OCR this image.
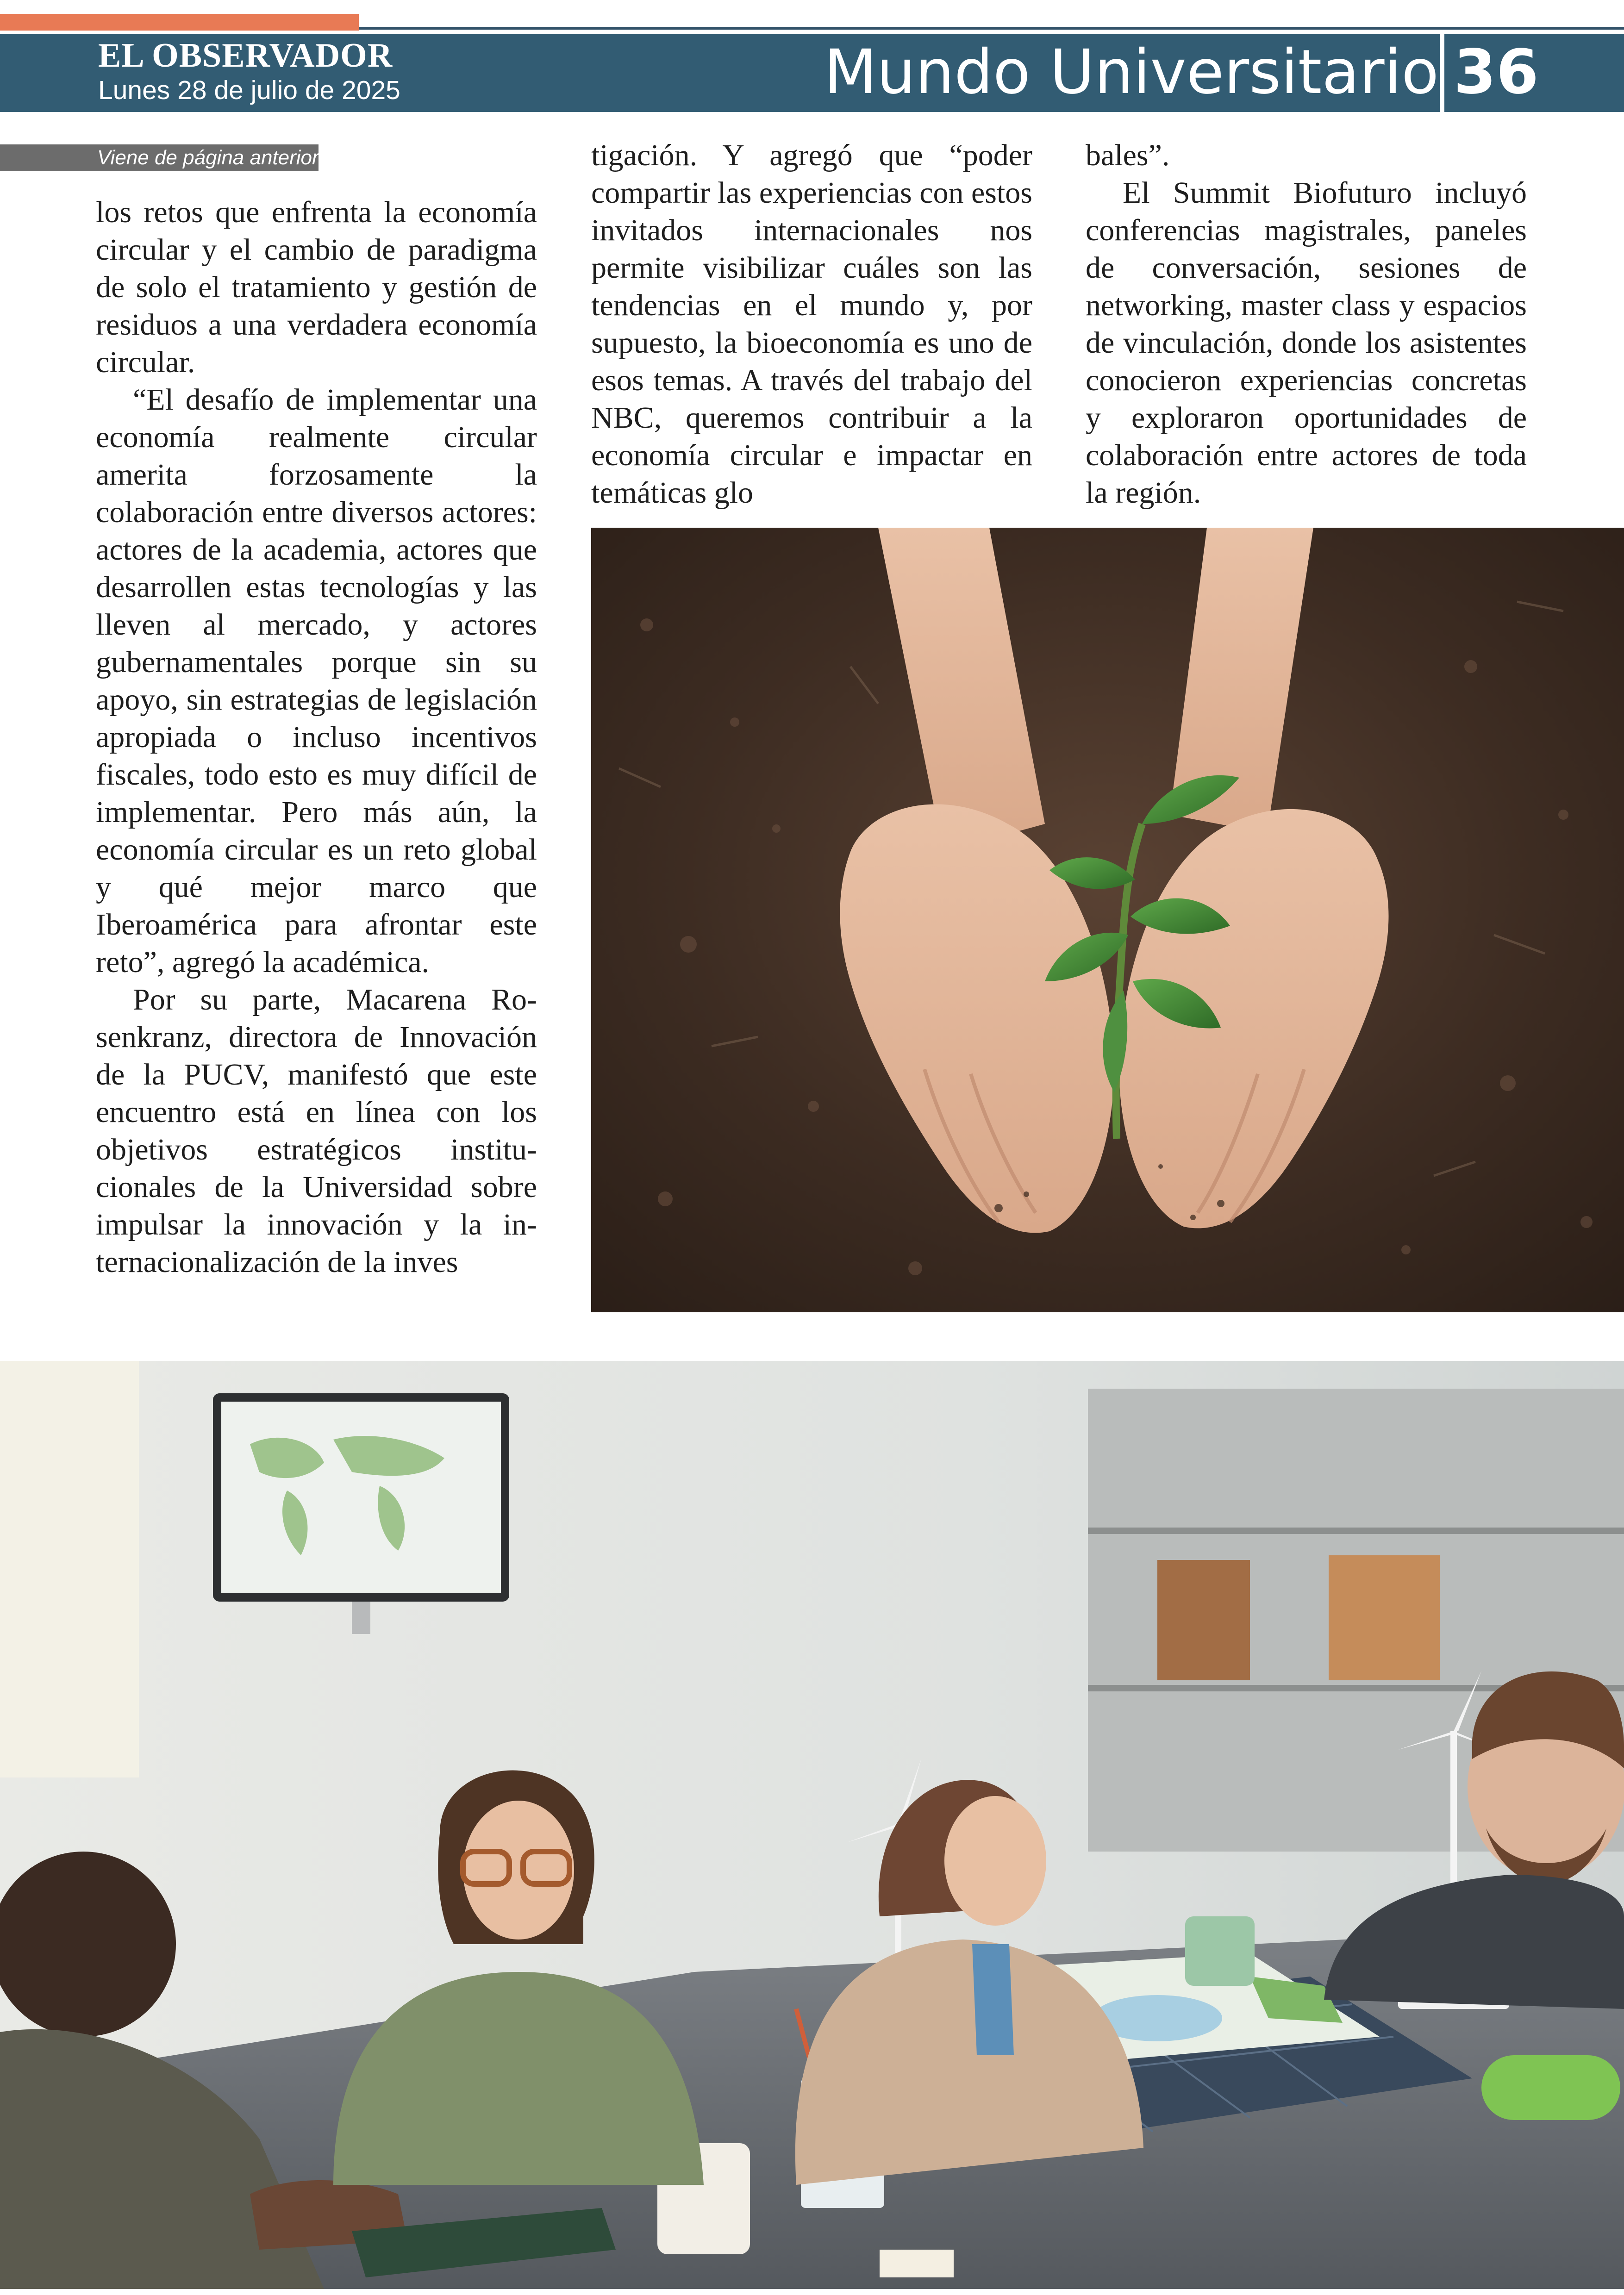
EL OBSERVADOR
Lunes 28 de julio de 2025	Mundo Universitario 36
Viene de página anterior

los retos que enfrenta la economía circular y el cambio de paradigma de solo el tratamiento y gestión de residuos a una verdadera economía circular.

“El desafío de implementar una economía realmente circular amerita forzosamente la colaboración entre diversos actores: actores de la academia, actores que desarrollen estas tecnologías y las lleven al mercado, y actores gubernamentales porque sin su apoyo, sin estrategias de legislación apropiada o incluso incentivos fiscales, todo esto es muy difícil de implementar. Pero más aún, la economía circular es un reto global y qué mejor marco que Iberoamérica para afrontar este reto”, agregó la académica.

Por su parte, Macarena Rosenkranz, directora de Innovación de la PUCV, manifestó que este encuentro está en línea con los objetivos estratégicos institucionales de la Universidad sobre impulsar la innovación y la internacionalización de la inves

tigación. Y agregó que “poder compartir las experiencias con estos invitados internacionales nos permite visibilizar cuáles son las tendencias en el mundo y, por supuesto, la bioeconomía es uno de esos temas. A través del trabajo del NBC, queremos contribuir a la economía circular e impactar en temáticas glo

bales”.

El Summit Biofuturo incluyó conferencias magistrales, paneles de conversación, sesiones de networking, master class y espacios de vinculación, donde los asistentes conocieron experiencias concretas y exploraron oportunidades de colaboración entre actores de toda la región.
